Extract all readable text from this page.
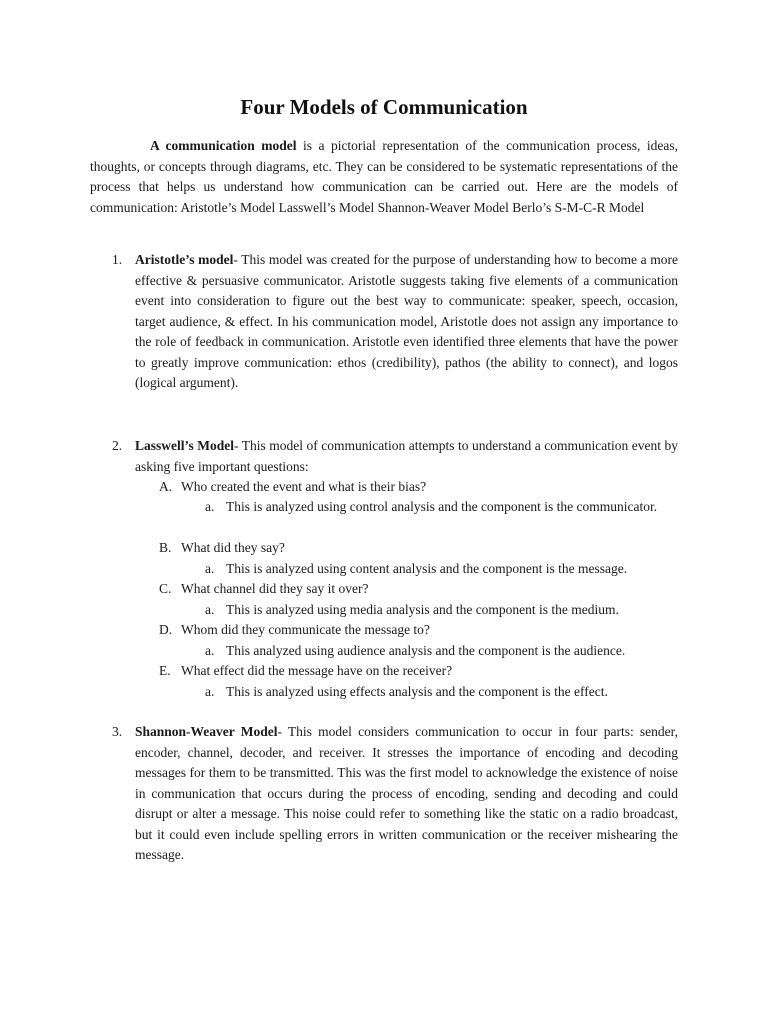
Four Models of Communication

A communication model is a pictorial representation of the communication process, ideas, thoughts, or concepts through diagrams, etc. They can be considered to be systematic representations of the process that helps us understand how communication can be carried out. Here are the models of communication: Aristotle’s Model Lasswell’s Model Shannon-Weaver Model Berlo’s S-M-C-R Model

1. Aristotle’s model- This model was created for the purpose of understanding how to become a more effective & persuasive communicator. Aristotle suggests taking five elements of a communication event into consideration to figure out the best way to communicate: speaker, speech, occasion, target audience, & effect. In his communication model, Aristotle does not assign any importance to the role of feedback in communication. Aristotle even identified three elements that have the power to greatly improve communication: ethos (credibility), pathos (the ability to connect), and logos (logical argument).

2. Lasswell’s Model- This model of communication attempts to understand a communication event by asking five important questions:

A. Who created the event and what is their bias?
a. This is analyzed using control analysis and the component is the communicator.

B. What did they say?
a. This is analyzed using content analysis and the component is the message.
C. What channel did they say it over?
a. This is analyzed using media analysis and the component is the medium.
D. Whom did they communicate the message to?
a. This analyzed using audience analysis and the component is the audience.
E. What effect did the message have on the receiver?
a. This is analyzed using effects analysis and the component is the effect.
3. Shannon-Weaver Model- This model considers communication to occur in four parts: sender, encoder, channel, decoder, and receiver. It stresses the importance of encoding and decoding messages for them to be transmitted. This was the first model to acknowledge the existence of noise in communication that occurs during the process of encoding, sending and decoding and could disrupt or alter a message. This noise could refer to something like the static on a radio broadcast, but it could even include spelling errors in written communication or the receiver mishearing the message.
